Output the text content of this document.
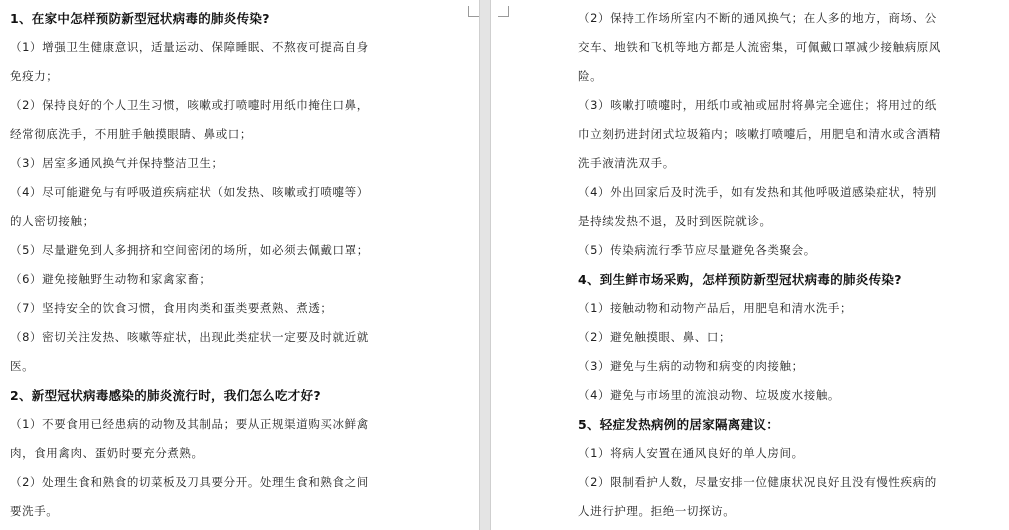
1、在家中怎样预防新型冠状病毒的肺炎传染?
（1）增强卫生健康意识，适量运动、保障睡眠、不熬夜可提高自身
免疫力；
（2）保持良好的个人卫生习惯，咳嗽或打喷嚏时用纸巾掩住口鼻，
经常彻底洗手，不用脏手触摸眼睛、鼻或口；
（3）居室多通风换气并保持整洁卫生；
（4）尽可能避免与有呼吸道疾病症状（如发热、咳嗽或打喷嚏等）
的人密切接触；
（5）尽量避免到人多拥挤和空间密闭的场所，如必须去佩戴口罩；
（6）避免接触野生动物和家禽家畜；
（7）坚持安全的饮食习惯，食用肉类和蛋类要煮熟、煮透；
（8）密切关注发热、咳嗽等症状，出现此类症状一定要及时就近就
医。
2、新型冠状病毒感染的肺炎流行时，我们怎么吃才好?
（1）不要食用已经患病的动物及其制品；要从正规渠道购买冰鲜禽
肉，食用禽肉、蛋奶时要充分煮熟。
（2）处理生食和熟食的切菜板及刀具要分开。处理生食和熟食之间
要洗手。
（2）保持工作场所室内不断的通风换气；在人多的地方，商场、公
交车、地铁和飞机等地方都是人流密集，可佩戴口罩减少接触病原风
险。
（3）咳嗽打喷嚏时，用纸巾或袖或屈肘将鼻完全遮住；将用过的纸
巾立刻扔进封闭式垃圾箱内；咳嗽打喷嚏后，用肥皂和清水或含酒精
洗手液清洗双手。
（4）外出回家后及时洗手，如有发热和其他呼吸道感染症状，特别
是持续发热不退，及时到医院就诊。
（5）传染病流行季节应尽量避免各类聚会。
4、到生鲜市场采购，怎样预防新型冠状病毒的肺炎传染?
（1）接触动物和动物产品后，用肥皂和清水洗手；
（2）避免触摸眼、鼻、口；
（3）避免与生病的动物和病变的肉接触；
（4）避免与市场里的流浪动物、垃圾废水接触。
5、轻症发热病例的居家隔离建议：
（1）将病人安置在通风良好的单人房间。
（2）限制看护人数，尽量安排一位健康状况良好且没有慢性疾病的
人进行护理。拒绝一切探访。
